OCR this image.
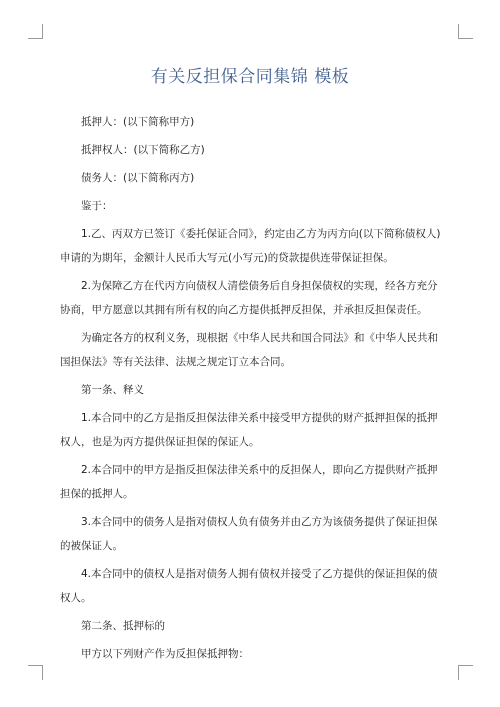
有关反担保合同集锦 模板

抵押人：(以下简称甲方)

抵押权人：(以下简称乙方)

债务人：(以下简称丙方)

鉴于：

1.乙、丙双方已签订《委托保证合同》，约定由乙方为丙方向(以下简称债权人)申请的为期年，金额计人民币大写元(小写元)的贷款提供连带保证担保。

2.为保障乙方在代丙方向债权人清偿债务后自身担保债权的实现，经各方充分协商，甲方愿意以其拥有所有权的向乙方提供抵押反担保，并承担反担保责任。

为确定各方的权利义务，现根据《中华人民共和国合同法》和《中华人民共和国担保法》等有关法律、法规之规定订立本合同。

第一条、释义

1.本合同中的乙方是指反担保法律关系中接受甲方提供的财产抵押担保的抵押权人，也是为丙方提供保证担保的保证人。

2.本合同中的甲方是指反担保法律关系中的反担保人，即向乙方提供财产抵押担保的抵押人。

3.本合同中的债务人是指对债权人负有债务并由乙方为该债务提供了保证担保的被保证人。

4.本合同中的债权人是指对债务人拥有债权并接受了乙方提供的保证担保的债权人。

第二条、抵押标的

甲方以下列财产作为反担保抵押物：
